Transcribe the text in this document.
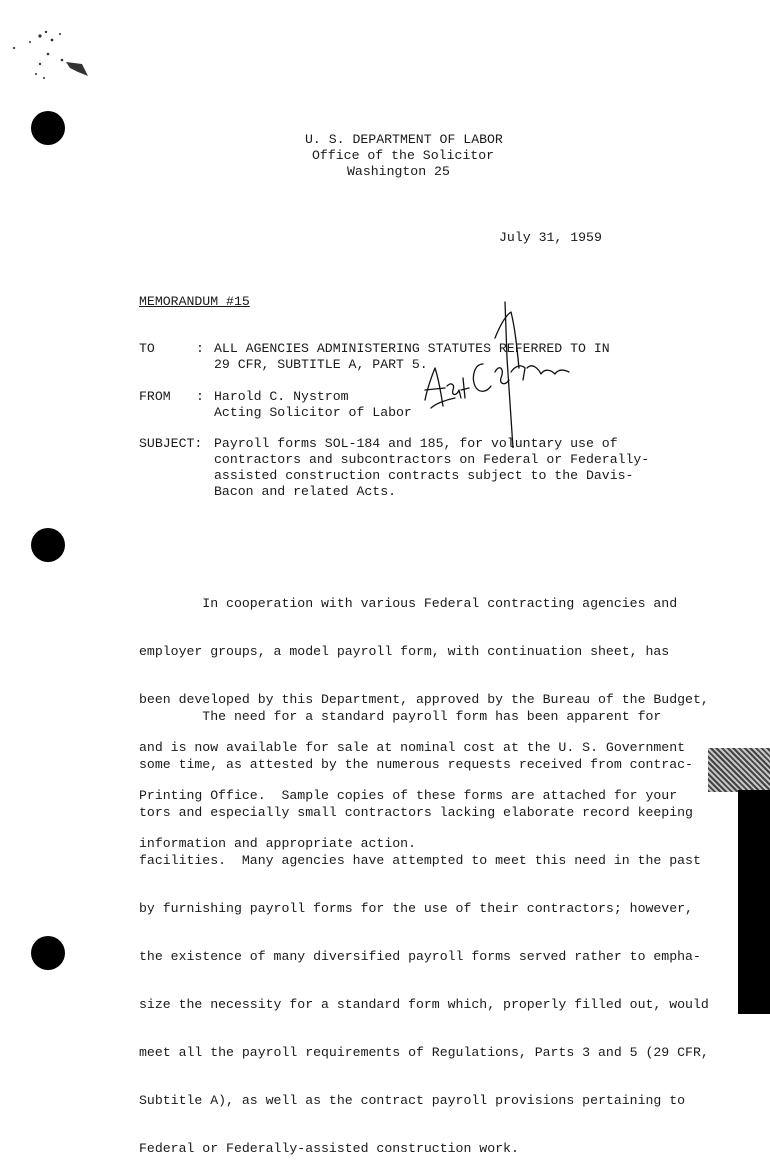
U. S. DEPARTMENT OF LABOR
Office of the Solicitor
Washington 25
July 31, 1959
MEMORANDUM #15
TO	: ALL AGENCIES ADMINISTERING STATUTES REFERRED TO IN
29 CFR, SUBTITLE A, PART 5.
FROM : Harold C. Nystrom
Acting Solicitor of Labor
SUBJECT: Payroll forms SOL-184 and 185, for voluntary use of
contractors and subcontractors on Federal or Federally-
assisted construction contracts subject to the Davis-
Bacon and related Acts.

In cooperation with various Federal contracting agencies and

employer groups, a model payroll form, with continuation sheet, has

been developed by this Department, approved by the Bureau of the Budget,

and is now available for sale at nominal cost at the U. S. Government

Printing Office.  Sample copies of these forms are attached for your

information and appropriate action.

The need for a standard payroll form has been apparent for

some time, as attested by the numerous requests received from contrac-

tors and especially small contractors lacking elaborate record keeping

facilities.  Many agencies have attempted to meet this need in the past

by furnishing payroll forms for the use of their contractors; however,

the existence of many diversified payroll forms served rather to empha-

size the necessity for a standard form which, properly filled out, would

meet all the payroll requirements of Regulations, Parts 3 and 5 (29 CFR,

Subtitle A), as well as the contract payroll provisions pertaining to

Federal or Federally-assisted construction work.
